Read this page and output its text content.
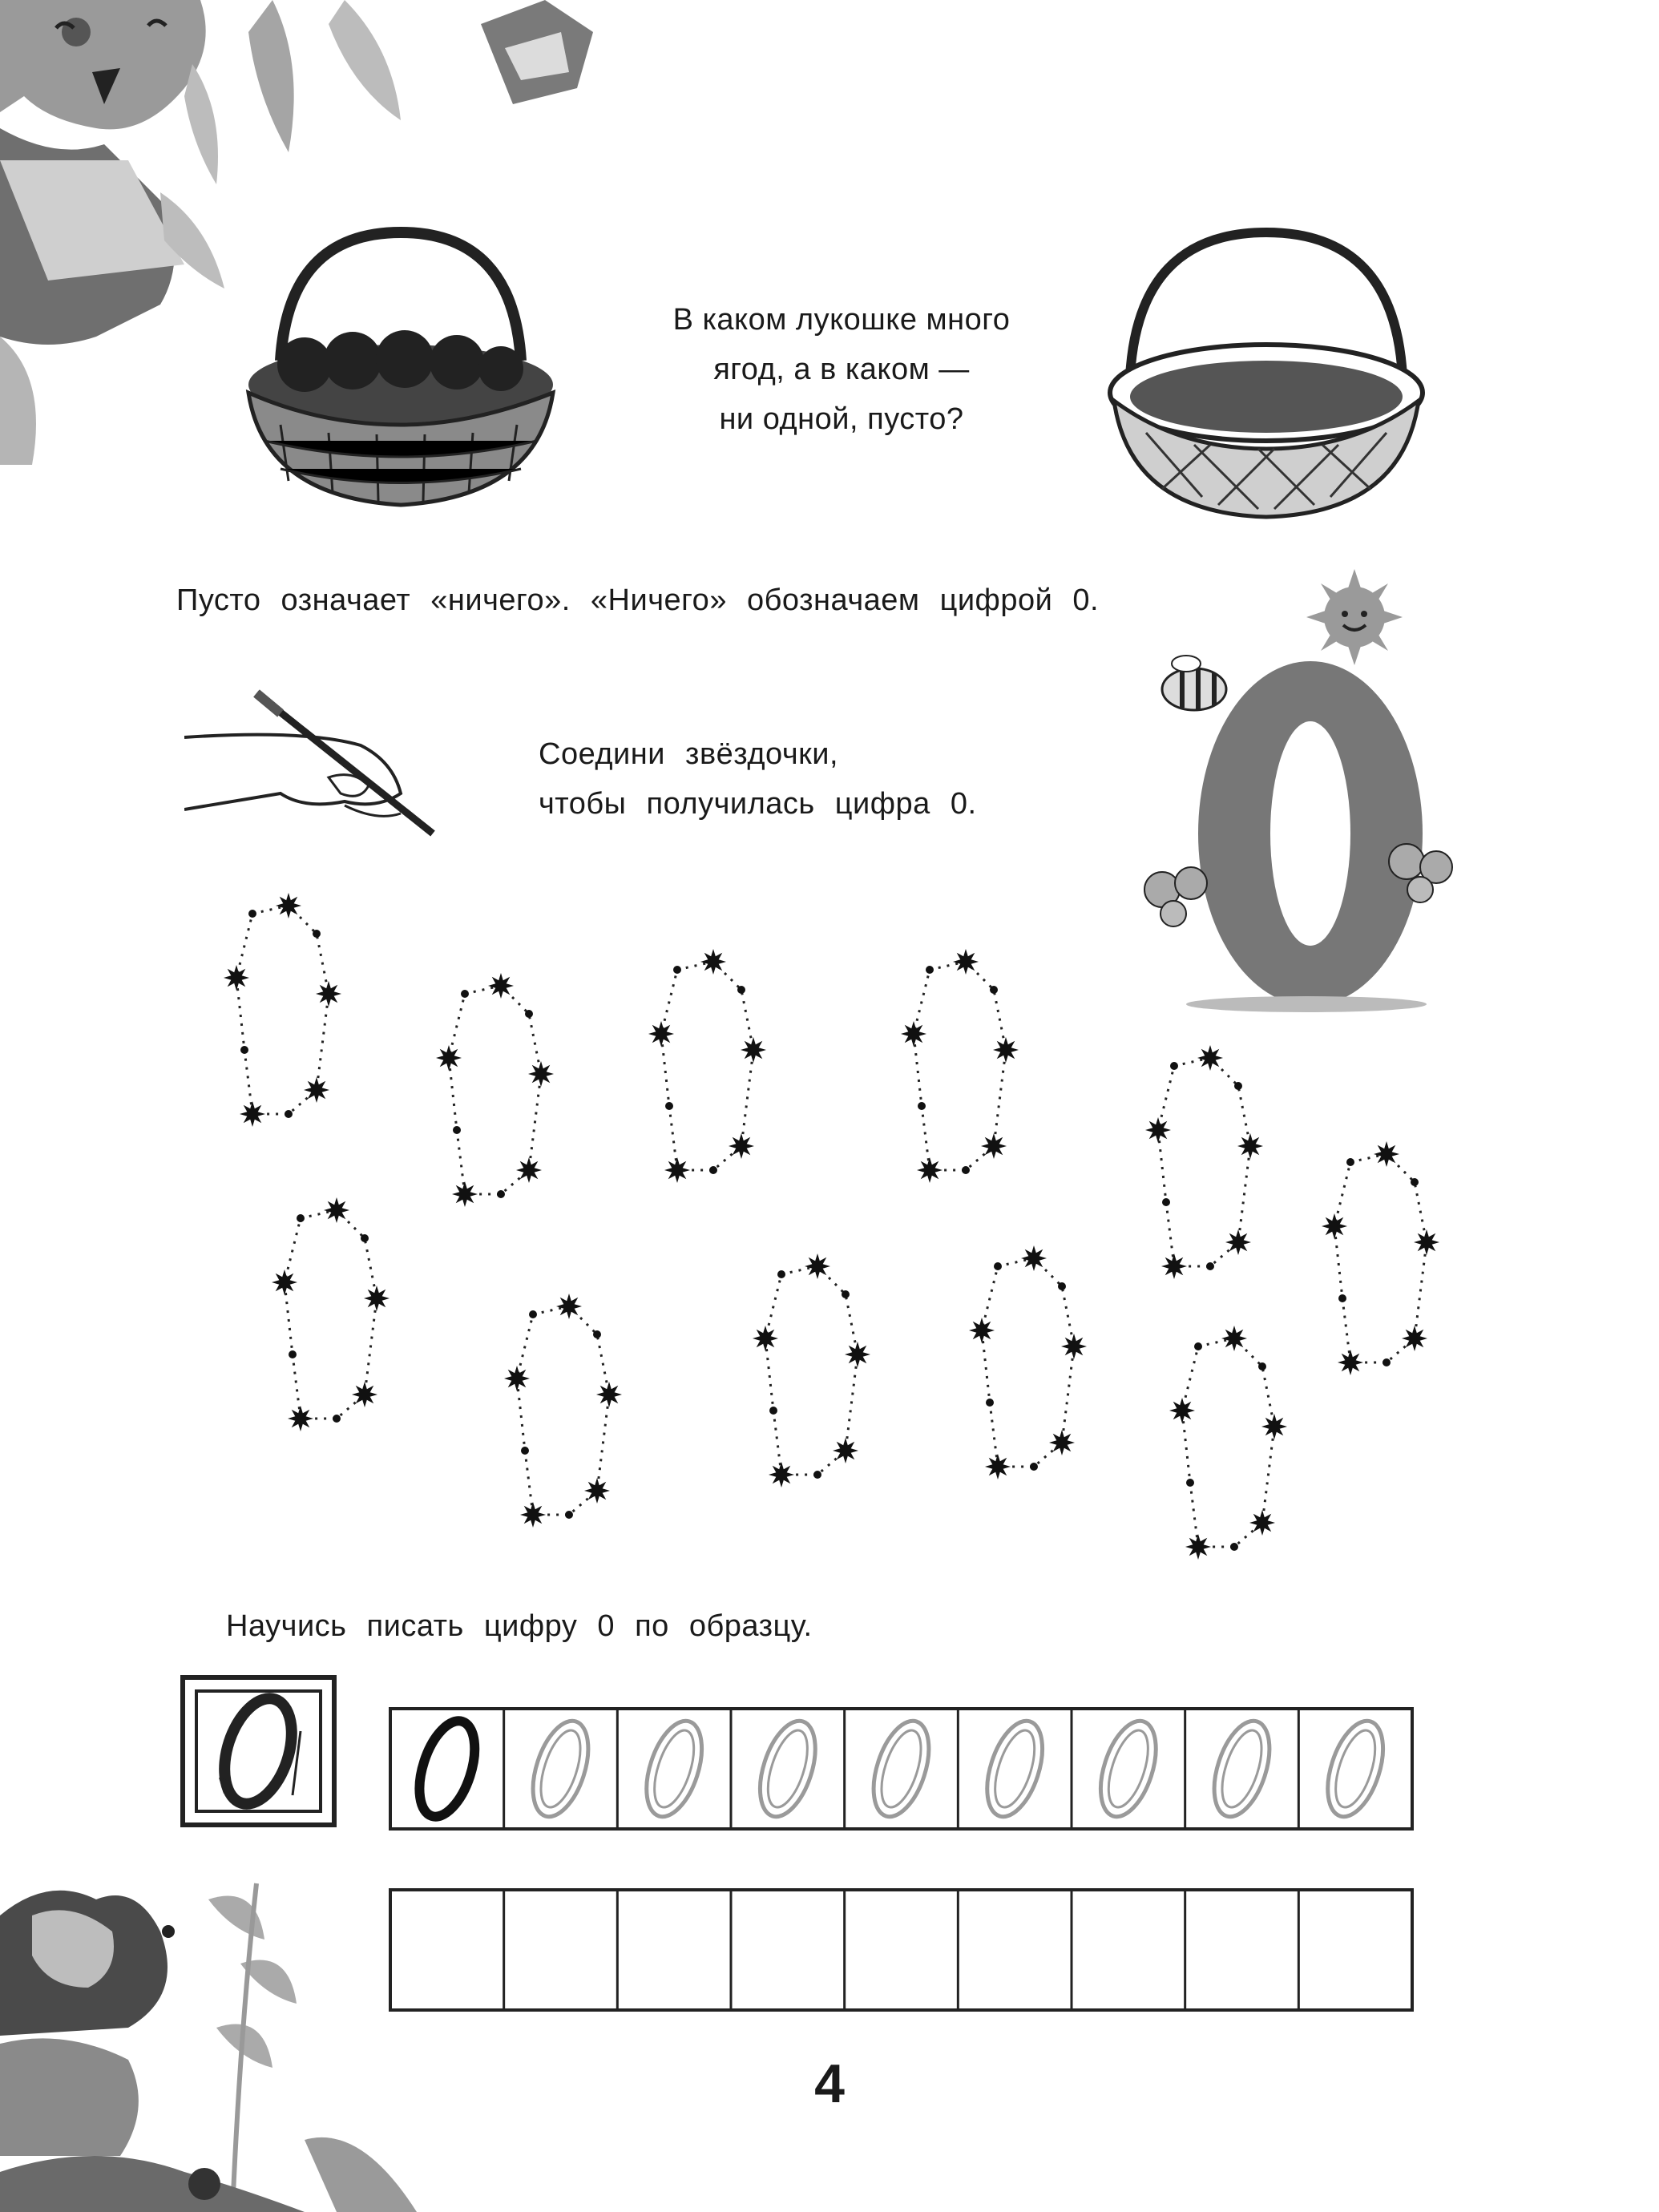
В каком лукошке много
ягод, а в каком —
ни одной, пусто?
Пусто означает «ничего». «Ничего» обозначаем цифрой 0.
Соедини звёздочки,
чтобы получилась цифра 0.
Научись писать цифру 0 по образцу.
4
